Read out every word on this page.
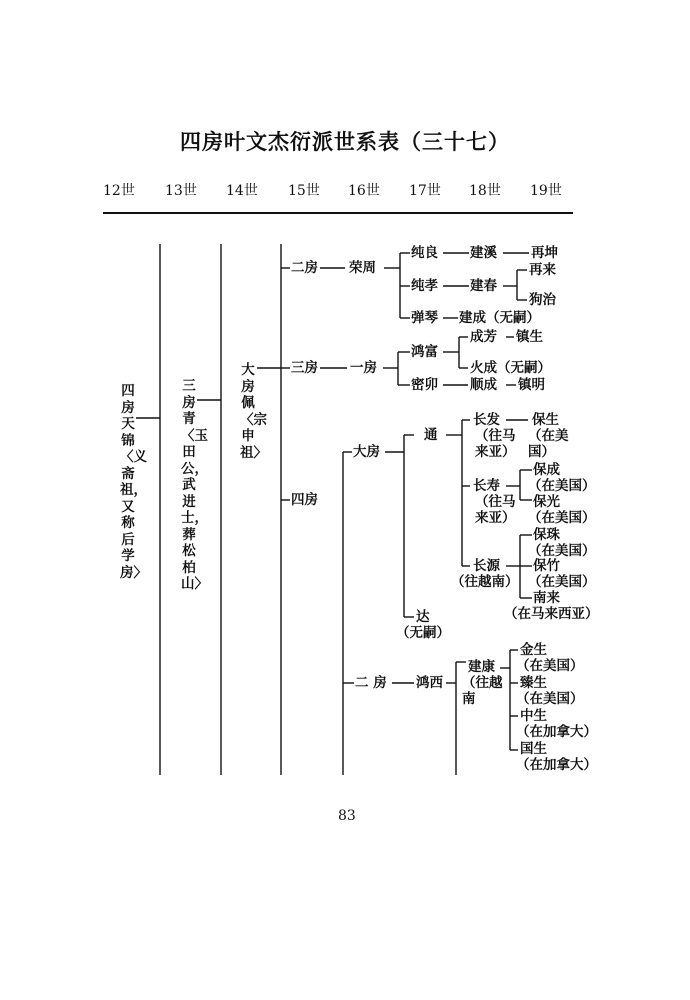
四房叶文杰衍派世系表（三十七）
12世 13世 14世 15世 16世 17世 18世 19世
四房天锦〈义斋祖，又称后学房〉
三房青〈玉田公，武进士，葬松柏山〉
大房佩〈宗申祖〉
二房 荣周
三房 一房
四房
大房
二 房
纯良 建溪	再坤
纯孝 建春
再来
狗治
弹琴 建成（无嗣）
鸿富
成芳 镇生
火成（无嗣）
密卯 顺成 镇明
通
长发
（往马来亚）
保生
（在美国）
长寿
（往马来亚）
保成
（在美国）
保光
（在美国）
长源
（往越南）
保珠
（在美国）
保竹
（在美国）
南来
（在马来西亚）
达
（无嗣）
鸿西
建康
（往越南
金生
（在美国）
臻生
（在美国）
中生
（在加拿大）
国生
（在加拿大）
83
